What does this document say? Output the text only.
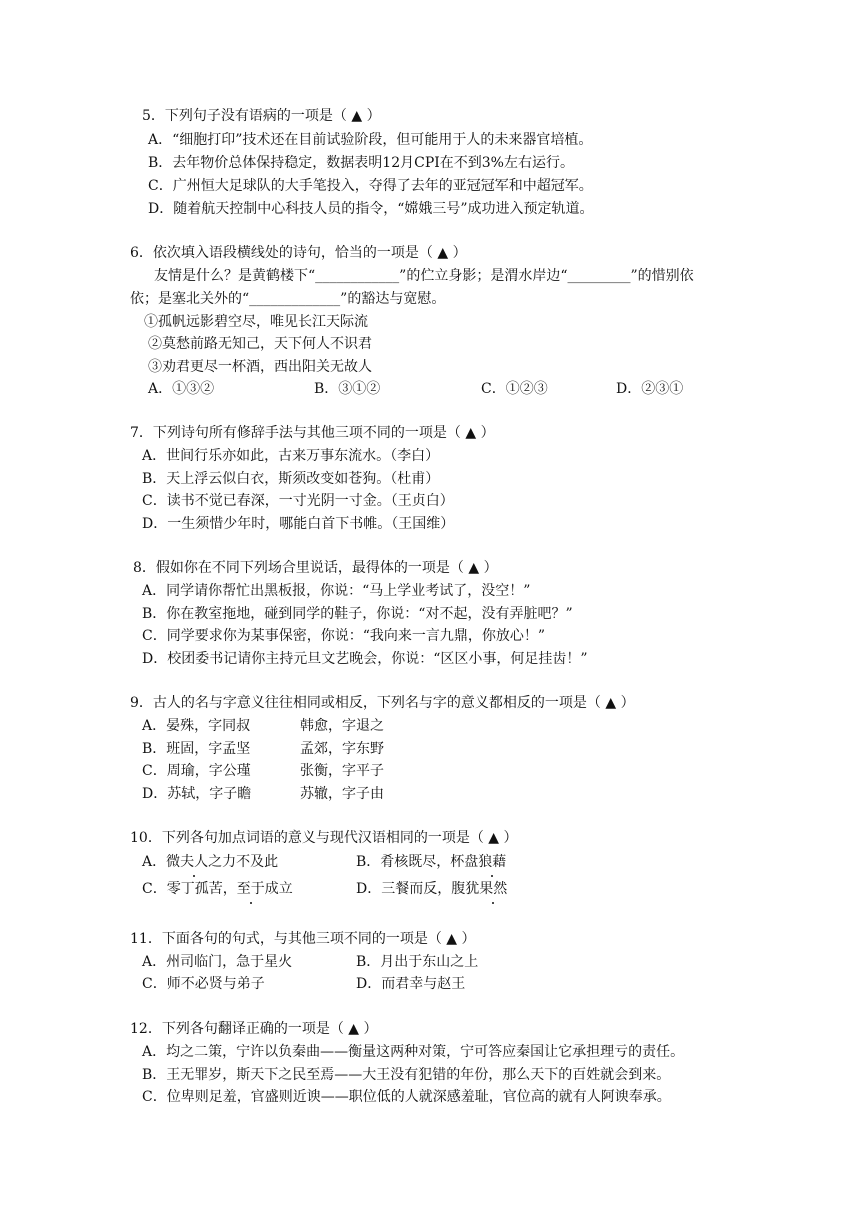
5．下列句子没有语病的一项是（ ▲ ）
A．“细胞打印”技术还在目前试验阶段，但可能用于人的未来器官培植。
B．去年物价总体保持稳定，数据表明12月CPI在不到3%左右运行。
C．广州恒大足球队的大手笔投入，夺得了去年的亚冠冠军和中超冠军。
D．随着航天控制中心科技人员的指令，“嫦娥三号”成功进入预定轨道。
6．依次填入语段横线处的诗句，恰当的一项是（ ▲ ）
友情是什么？是黄鹤楼下“____________”的伫立身影；是渭水岸边“_________”的惜别依
依；是塞北关外的“_____________”的豁达与宽慰。
①孤帆远影碧空尽，唯见长江天际流
②莫愁前路无知己，天下何人不识君
③劝君更尽一杯酒，西出阳关无故人
A．①③②	B．③①②	C．①②③	D．②③①
7．下列诗句所有修辞手法与其他三项不同的一项是（ ▲ ）
A．世间行乐亦如此，古来万事东流水。（李白）
B．天上浮云似白衣，斯须改变如苍狗。（杜甫）
C．读书不觉已春深，一寸光阴一寸金。（王贞白）
D．一生须惜少年时，哪能白首下书帷。（王国维）
8．假如你在不同下列场合里说话，最得体的一项是（ ▲ ）
A．同学请你帮忙出黑板报，你说：“马上学业考试了，没空！”
B．你在教室拖地，碰到同学的鞋子，你说：“对不起，没有弄脏吧？”
C．同学要求你为某事保密，你说：“我向来一言九鼎，你放心！”
D．校团委书记请你主持元旦文艺晚会，你说：“区区小事，何足挂齿！”
9．古人的名与字意义往往相同或相反，下列名与字的意义都相反的一项是（ ▲ ）
A．晏殊，字同叔	韩愈，字退之
B．班固，字孟坚	孟郊，字东野
C．周瑜，字公瑾	张衡，字平子
D．苏轼，字子瞻	苏辙，字子由
10．下列各句加点词语的意义与现代汉语相同的一项是（ ▲ ）
A．微夫人之力不及此	B．肴核既尽，杯盘狼藉
C．零丁孤苦，至于成立	D．三餐而反，腹犹果然
11．下面各句的句式，与其他三项不同的一项是（ ▲ ）
A．州司临门，急于星火	B．月出于东山之上
C．师不必贤与弟子	D．而君幸与赵王
12．下列各句翻译正确的一项是（ ▲ ）
A．均之二策，宁许以负秦曲——衡量这两种对策，宁可答应秦国让它承担理亏的责任。
B．王无罪岁，斯天下之民至焉——大王没有犯错的年份，那么天下的百姓就会到来。
C．位卑则足羞，官盛则近谀——职位低的人就深感羞耻，官位高的就有人阿谀奉承。
